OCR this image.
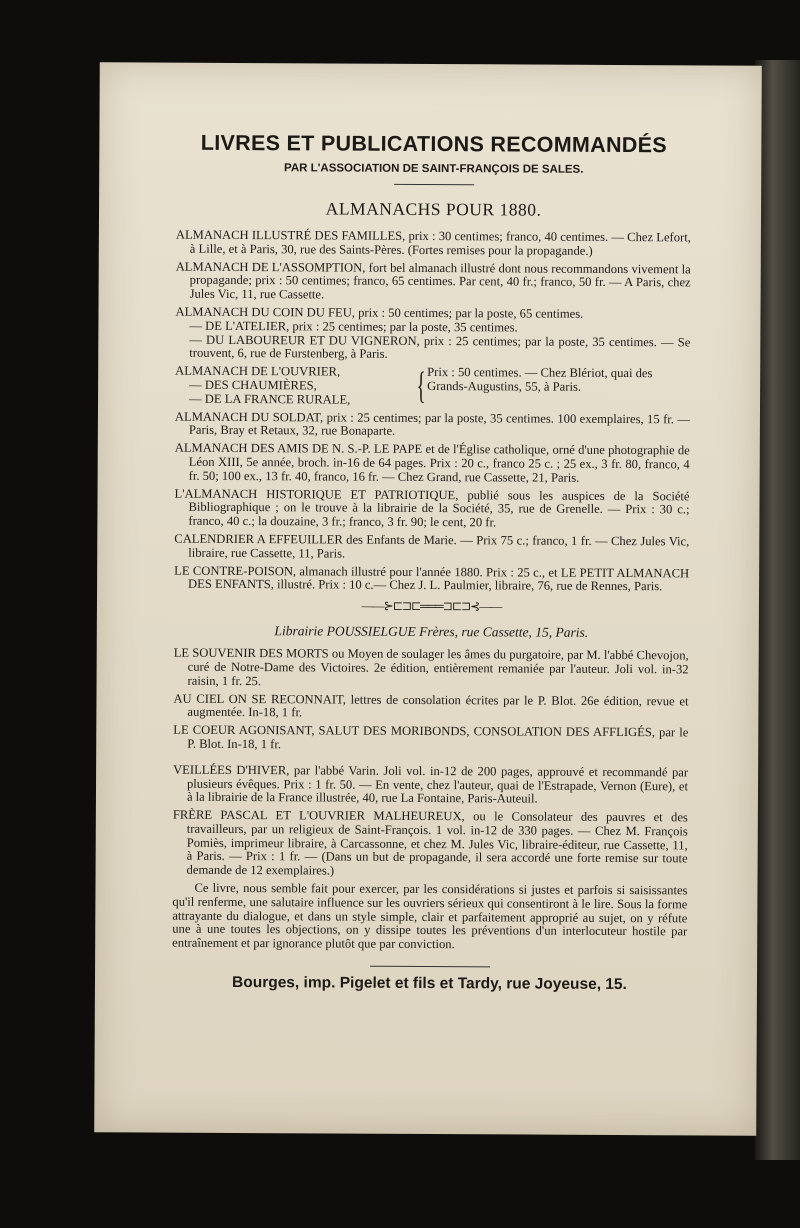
LIVRES ET PUBLICATIONS RECOMMANDÉS
PAR L'ASSOCIATION DE SAINT-FRANÇOIS DE SALES.
ALMANACHS POUR 1880.

ALMANACH ILLUSTRÉ DES FAMILLES, prix : 30 centimes; franco, 40 centimes. — Chez Lefort, à Lille, et à Paris, 30, rue des Saints-Pères. (Fortes remises pour la propagande.)

ALMANACH DE L'ASSOMPTION, fort bel almanach illustré dont nous recommandons vivement la propagande; prix : 50 centimes; franco, 65 centimes. Par cent, 40 fr.; franco, 50 fr. — A Paris, chez Jules Vic, 11, rue Cassette.

ALMANACH DU COIN DU FEU, prix : 50 centimes; par la poste, 65 centimes.

— DE L'ATELIER, prix : 25 centimes; par la poste, 35 centimes.

— DU LABOUREUR ET DU VIGNERON, prix : 25 centimes; par la poste, 35 centimes. — Se trouvent, 6, rue de Furstenberg, à Paris.

ALMANACH DE L'OUVRIER,
— DES CHAUMIÈRES,
— DE LA FRANCE RURALE,	{ Prix : 50 centimes. — Chez Blériot, quai des Grands-Augustins, 55, à Paris.

ALMANACH DU SOLDAT, prix : 25 centimes; par la poste, 35 centimes. 100 exemplaires, 15 fr. — Paris, Bray et Retaux, 32, rue Bonaparte.

ALMANACH DES AMIS DE N. S.-P. LE PAPE et de l'Église catholique, orné d'une photographie de Léon XIII, 5e année, broch. in-16 de 64 pages. Prix : 20 c., franco 25 c. ; 25 ex., 3 fr. 80, franco, 4 fr. 50; 100 ex., 13 fr. 40, franco, 16 fr. — Chez Grand, rue Cassette, 21, Paris.

L'ALMANACH HISTORIQUE ET PATRIOTIQUE, publié sous les auspices de la Société Bibliographique ; on le trouve à la librairie de la Société, 35, rue de Grenelle. — Prix : 30 c.; franco, 40 c.; la douzaine, 3 fr.; franco, 3 fr. 90; le cent, 20 fr.

CALENDRIER A EFFEUILLER des Enfants de Marie. — Prix 75 c.; franco, 1 fr. — Chez Jules Vic, libraire, rue Cassette, 11, Paris.

LE CONTRE-POISON, almanach illustré pour l'année 1880. Prix : 25 c., et LE PETIT ALMANACH DES ENFANTS, illustré. Prix : 10 c.— Chez J. L. Paulmier, libraire, 76, rue de Rennes, Paris.

——⊱⊏⊐⊏═══⊐⊏⊐⊰——
Librairie POUSSIELGUE Frères, rue Cassette, 15, Paris.

LE SOUVENIR DES MORTS ou Moyen de soulager les âmes du purgatoire, par M. l'abbé Chevojon, curé de Notre-Dame des Victoires. 2e édition, entièrement remaniée par l'auteur. Joli vol. in-32 raisin, 1 fr. 25.

AU CIEL ON SE RECONNAIT, lettres de consolation écrites par le P. Blot. 26e édition, revue et augmentée. In-18, 1 fr.

LE COEUR AGONISANT, SALUT DES MORIBONDS, CONSOLATION DES AFFLIGÉS, par le P. Blot. In-18, 1 fr.

VEILLÉES D'HIVER, par l'abbé Varin. Joli vol. in-12 de 200 pages, approuvé et recommandé par plusieurs évêques. Prix : 1 fr. 50. — En vente, chez l'auteur, quai de l'Estrapade, Vernon (Eure), et à la librairie de la France illustrée, 40, rue La Fontaine, Paris-Auteuil.

FRÈRE PASCAL ET L'OUVRIER MALHEUREUX, ou le Consolateur des pauvres et des travailleurs, par un religieux de Saint-François. 1 vol. in-12 de 330 pages. — Chez M. François Pomiès, imprimeur libraire, à Carcassonne, et chez M. Jules Vic, libraire-éditeur, rue Cassette, 11, à Paris. — Prix : 1 fr. — (Dans un but de propagande, il sera accordé une forte remise sur toute demande de 12 exemplaires.)

Ce livre, nous semble fait pour exercer, par les considérations si justes et parfois si saisissantes qu'il renferme, une salutaire influence sur les ouvriers sérieux qui consentiront à le lire. Sous la forme attrayante du dialogue, et dans un style simple, clair et parfaitement approprié au sujet, on y réfute une à une toutes les objections, on y dissipe toutes les préventions d'un interlocuteur hostile par entraînement et par ignorance plutôt que par conviction.

Bourges, imp. Pigelet et fils et Tardy, rue Joyeuse, 15.
